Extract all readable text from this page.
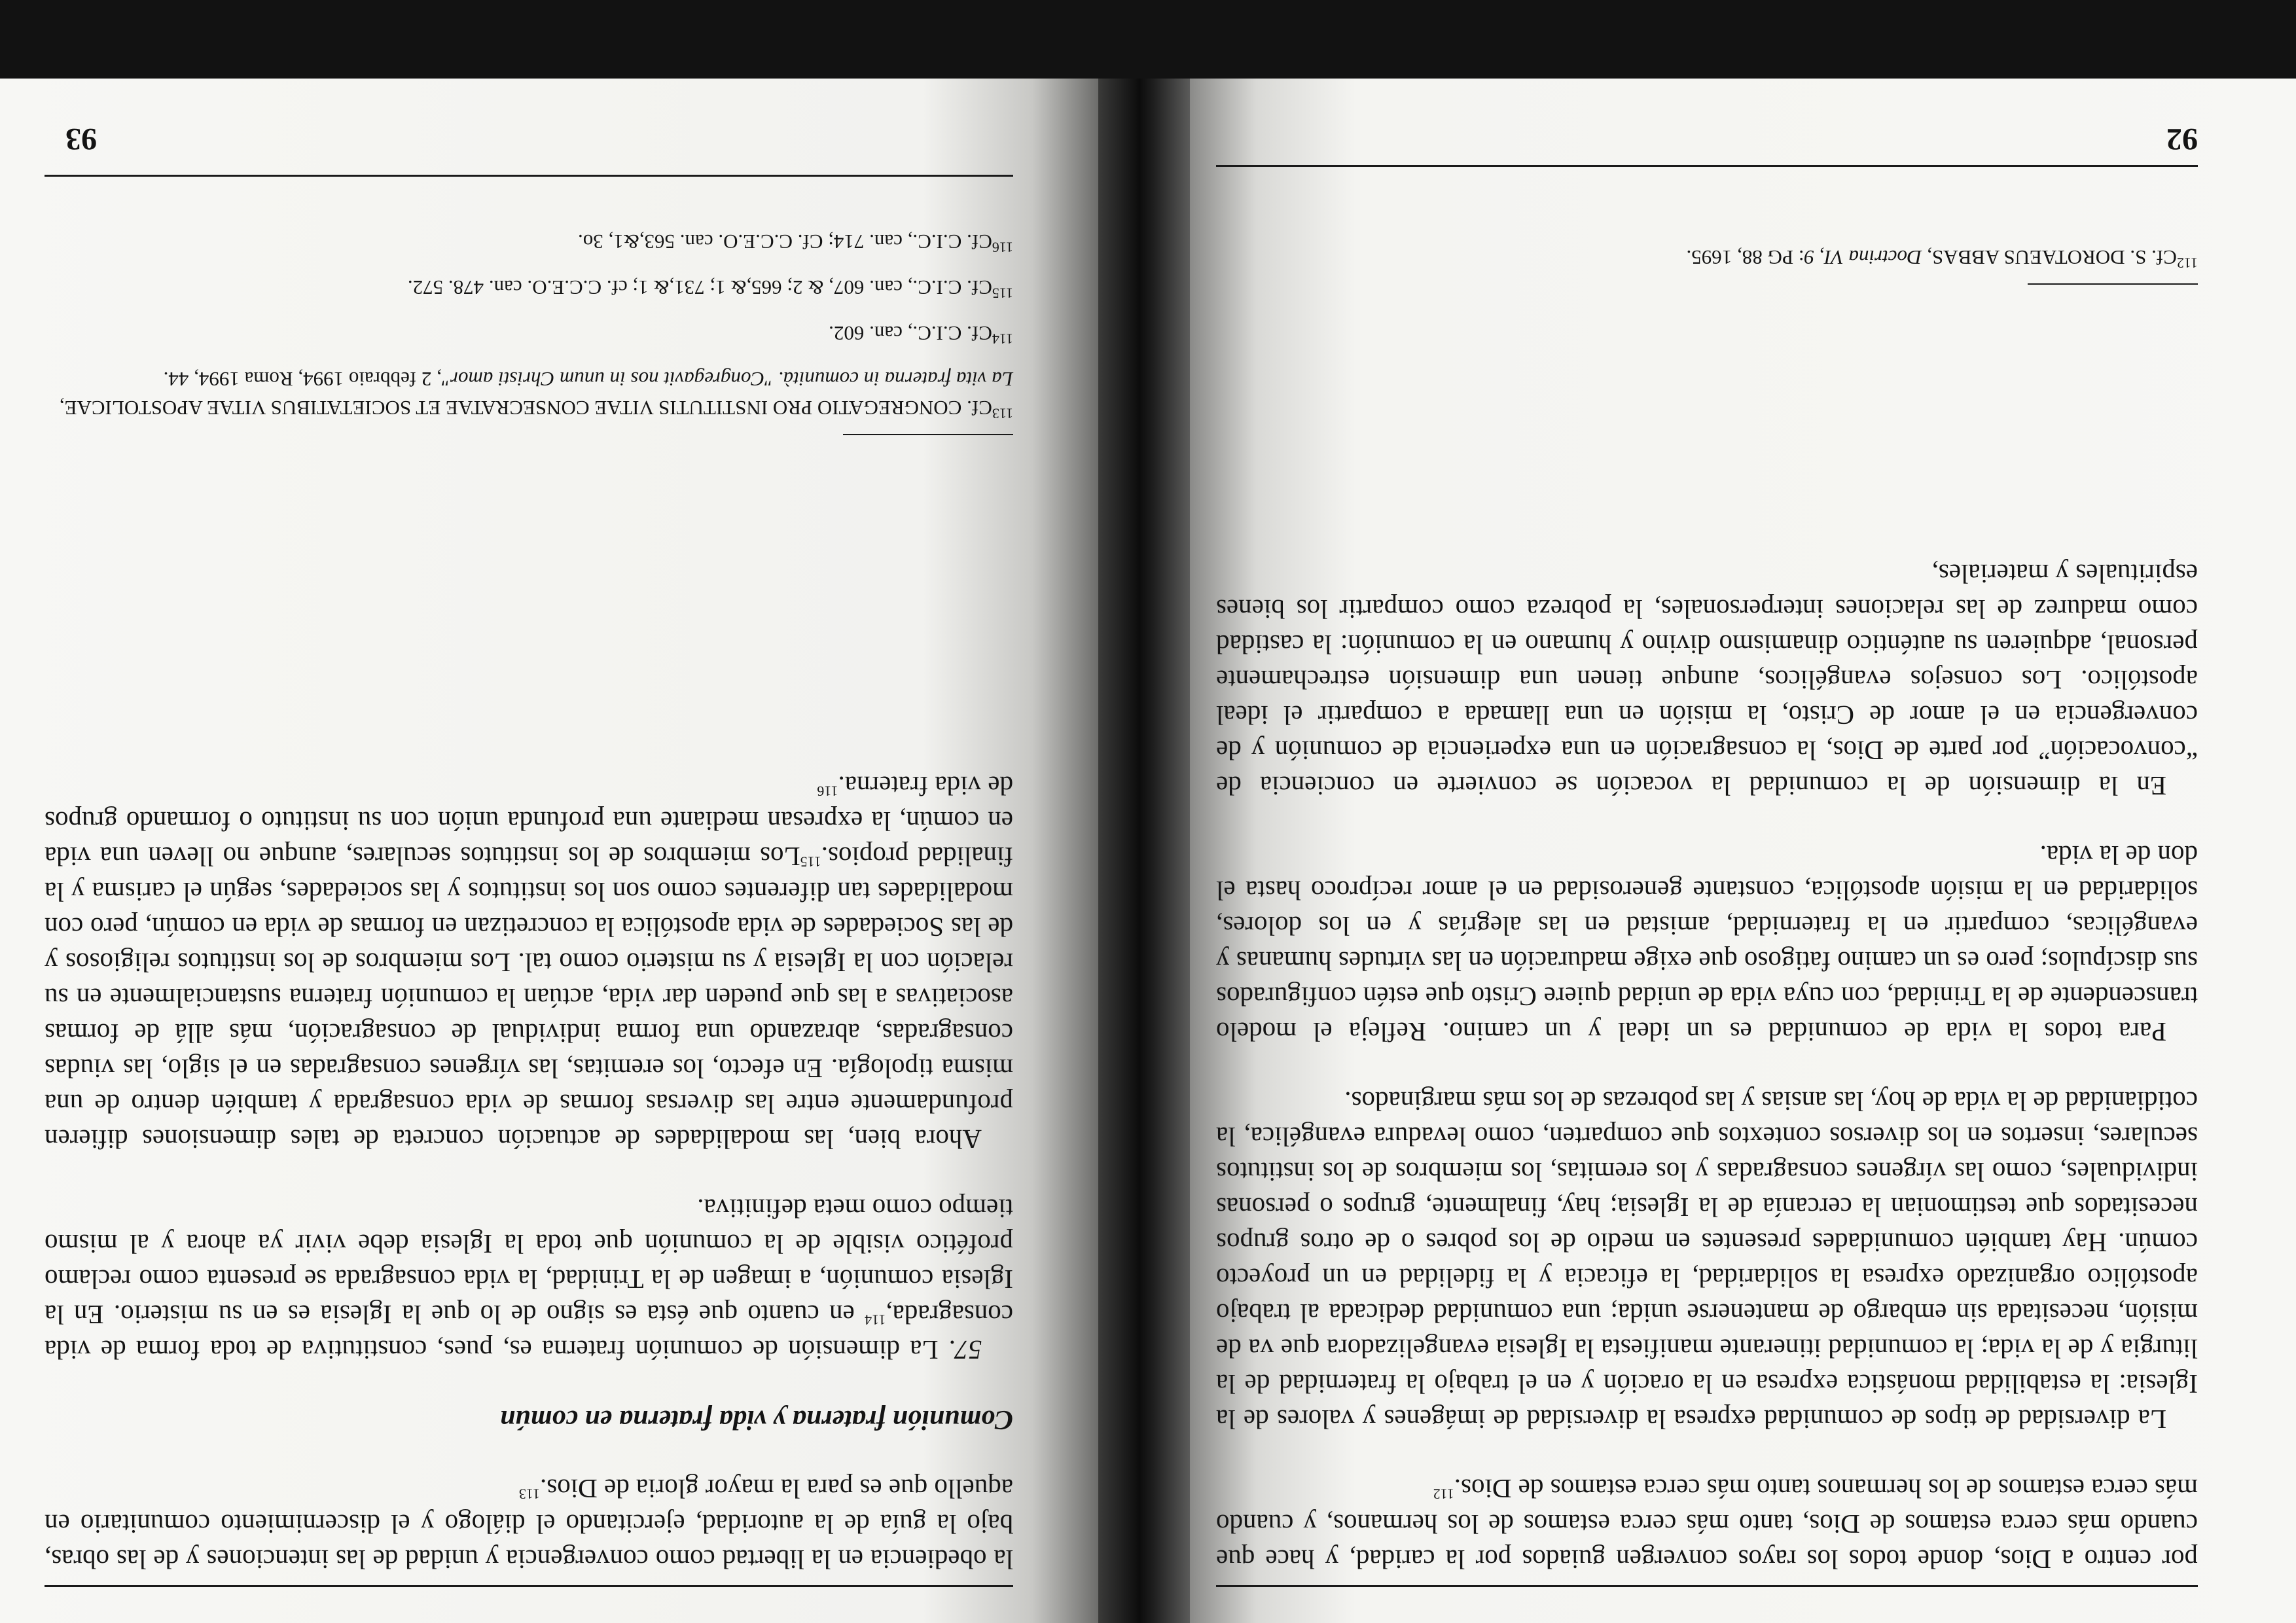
por centro a Dios, donde todos los rayos convergen guiados por la caridad, y hace que cuando más cerca estamos de Dios, tanto más cerca estamos de los hermanos, y cuando más cerca estamos de los hermanos tanto más cerca estamos de Dios.$^{112}$

La diversidad de tipos de comunidad expresa la diversidad de imágenes y valores de la Iglesia: la estabilidad monástica expresa en la oración y en el trabajo la fraternidad de la liturgia y de la vida; la comunidad itinerante manifiesta la Iglesia evangelizadora que va de misión, necesitada sin embargo de mantenerse unida; una comunidad dedicada al trabajo apostólico organizado expresa la solidaridad, la eficacia y la fidelidad en un proyecto común. Hay también comunidades presentes en medio de los pobres o de otros grupos necesitados que testimonian la cercanía de la Iglesia; hay, finalmente, grupos o personas individuales, como las vírgenes consagradas y los eremitas, los miembros de los institutos seculares, insertos en los diversos contextos que comparten, como levadura evangélica, la cotidianidad de la vida de hoy, las ansias y las pobrezas de los más marginados.

Para todos la vida de comunidad es un ideal y un camino. Refleja el modelo transcendente de la Trinidad, con cuya vida de unidad quiere Cristo que estén configurados sus discípulos; pero es un camino fatigoso que exige maduración en las virtudes humanas y evangélicas, compartir en la fraternidad, amistad en las alegrías y en los dolores, solidaridad en la misión apostólica, constante generosidad en el amor recíproco hasta el don de la vida.

En la dimensión de la comunidad la vocación se convierte en conciencia de “convocación” por parte de Dios, la consagración en una experiencia de comunión y de convergencia en el amor de Cristo, la misión en una llamada a compartir el ideal apostólico. Los consejos evangélicos, aunque tienen una dimensión estrechamente personal, adquieren su auténtico dinamismo divino y humano en la comunión: la castidad como madurez de las relaciones interpersonales, la pobreza como compartir los bienes espirituales y materiales,

$^{112}$Cf. S. DOROTAEUS ABBAS, Doctrina VI, 9: PG 88, 1695.

92

la obediencia en la libertad como convergencia y unidad de las intenciones y de las obras, bajo la guía de la autoridad, ejercitando el diálogo y el discernimiento comunitario en aquello que es para la mayor gloria de Dios.$^{113}$

Comunión fraterna y vida fraterna en común

57. La dimensión de comunión fraterna es, pues, constitutiva de toda forma de vida consagrada,$^{114}$ en cuanto que ésta es signo de lo que la Iglesia es en su misterio. En la Iglesia comunión, a imagen de la Trinidad, la vida consagrada se presenta como reclamo profético visible de la comunión que toda la Iglesia debe vivir ya ahora y al mismo tiempo como meta definitiva.

Ahora bien, las modalidades de actuación concreta de tales dimensiones difieren profundamente entre las diversas formas de vida consagrada y también dentro de una misma tipología. En efecto, los eremitas, las vírgenes consagradas en el siglo, las viudas consagradas, abrazando una forma individual de consagración, más allá de formas asociativas a las que pueden dar vida, actúan la comunión fraterna sustancialmente en su relación con la Iglesia y su misterio como tal. Los miembros de los institutos religiosos y de las Sociedades de vida apostólica la concretizan en formas de vida en común, pero con modalidades tan diferentes como son los institutos y las sociedades, según el carisma y la finalidad propios.$^{115}$Los miembros de los institutos seculares, aunque no lleven una vida en común, la expresan mediante una profunda unión con su instituto o formando grupos de vida fraterna.$^{116}$

$^{113}$Cf. CONGREGATIO PRO INSTITUTIS VITAE CONSECRATAE ET SOCIETATIBUS VITAE APOSTOLICAE, La vita fraterna in comunità. "Congregavit nos in unum Christi amor", 2 febbraio 1994, Roma 1994, 44.

$^{114}$Cf. C.I.C., can. 602.

$^{115}$Cf. C.I.C., can. 607, & 2; 665,& 1; 731,& 1; cf. C.C.E.O. can. 478. 572.

$^{116}$Cf. C.I.C., can. 714; Cf. C.C.E.O. can. 563,&1, 3o.

93
